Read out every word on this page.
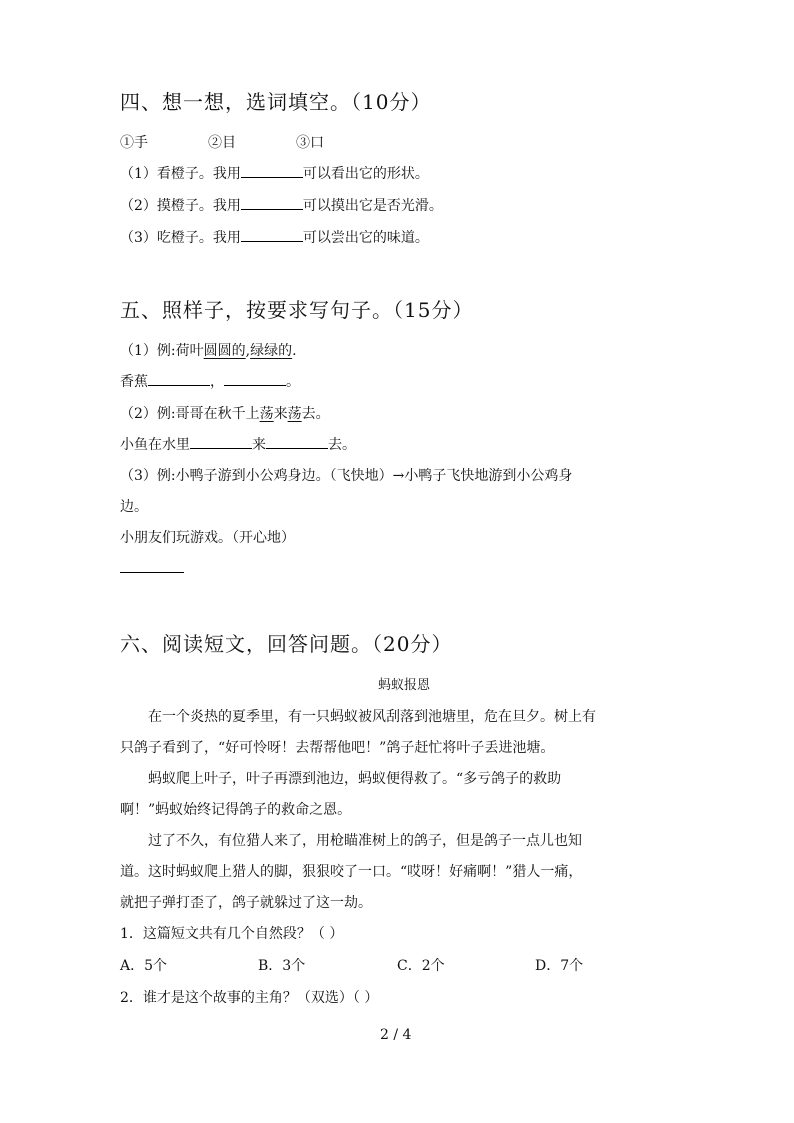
四、想一想，选词填空。（10分）
①手	②目	③口
（1）看橙子。我用	可以看出它的形状。
（2）摸橙子。我用	可以摸出它是否光滑。
（3）吃橙子。我用	可以尝出它的味道。
五、照样子，按要求写句子。（15分）
（1）例:荷叶圆圆的,绿绿的.
香蕉	，	。
（2）例:哥哥在秋千上荡来荡去。
小鱼在水里	来	去。
（3）例:小鸭子游到小公鸡身边。（飞快地）→小鸭子飞快地游到小公鸡身
边。
小朋友们玩游戏。（开心地）
六、阅读短文，回答问题。（20分）
蚂蚁报恩
在一个炎热的夏季里，有一只蚂蚁被风刮落到池塘里，危在旦夕。树上有
只鸽子看到了，“好可怜呀！去帮帮他吧！”鸽子赶忙将叶子丢进池塘。
蚂蚁爬上叶子，叶子再漂到池边，蚂蚁便得救了。“多亏鸽子的救助
啊！”蚂蚁始终记得鸽子的救命之恩。
过了不久，有位猎人来了，用枪瞄准树上的鸽子，但是鸽子一点儿也知
道。这时蚂蚁爬上猎人的脚，狠狠咬了一口。“哎呀！好痛啊！”猎人一痛，
就把子弹打歪了，鸽子就躲过了这一劫。
1．这篇短文共有几个自然段？（ ）
A．5个	B．3个	C．2个	D．7个
2．谁才是这个故事的主角？（双选）（ ）
2 / 4
